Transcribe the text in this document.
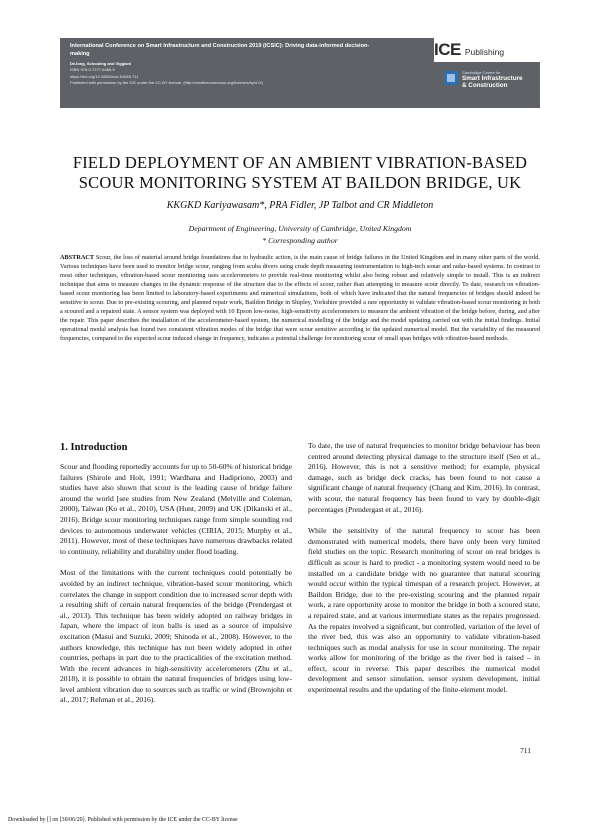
International Conference on Smart Infrastructure and Construction 2019 (ICSIC): Driving data-informed decision-making
DeJong, Schooling and Viggiani
ISBN 978-0-7277-6466-9
https://doi.org/10.1680/icsic.64669.711
Published with permission by the ICE under the CC-BY license. (http://creativecommons.org/licenses/by/4.0/)
ICE Publishing
Cambridge Centre for
Smart Infrastructure
& Construction
FIELD DEPLOYMENT OF AN AMBIENT VIBRATION-BASED SCOUR MONITORING SYSTEM AT BAILDON BRIDGE, UK
KKGKD Kariyawasam*, PRA Fidler, JP Talbot and CR Middleton
Department of Engineering, University of Cambridge, United Kingdom
* Corresponding author
ABSTRACT Scour, the loss of material around bridge foundations due to hydraulic action, is the main cause of bridge failures in the United Kingdom and in many other parts of the world. Various techniques have been used to monitor bridge scour, ranging from scuba divers using crude depth measuring instrumentation to high-tech sonar and radar-based systems. In contrast to most other techniques, vibration-based scour monitoring uses accelerometers to provide real-time monitoring whilst also being robust and relatively simple to install. This is an indirect technique that aims to measure changes in the dynamic response of the structure due to the effects of scour, rather than attempting to measure scour directly. To date, research on vibration-based scour monitoring has been limited to laboratory-based experiments and numerical simulations, both of which have indicated that the natural frequencies of bridges should indeed be sensitive to scour. Due to pre-existing scouring, and planned repair work, Baildon Bridge in Shipley, Yorkshire provided a rare opportunity to validate vibration-based scour monitoring in both a scoured and a repaired state. A sensor system was deployed with 10 Epson low-noise, high-sensitivity accelerometers to measure the ambient vibration of the bridge before, during, and after the repair. This paper describes the installation of the accelerometer-based system, the numerical modelling of the bridge and the model updating carried out with the initial findings. Initial operational modal analysis has found two consistent vibration modes of the bridge that were scour sensitive according to the updated numerical model. But the variability of the measured frequencies, compared to the expected scour induced change in frequency, indicates a potential challenge for monitoring scour of small span bridges with vibration-based methods.
1. Introduction

Scour and flooding reportedly accounts for up to 50-60% of historical bridge failures (Shirole and Holt, 1991; Wardhana and Hadipriono, 2003) and studies have also shown that scour is the leading cause of bridge failure around the world [see studies from New Zealand (Melville and Coleman, 2000), Taiwan (Ko et al., 2010), USA (Hunt, 2009) and UK (Dikanski et al., 2016). Bridge scour monitoring techniques range from simple sounding rod devices to autonomous underwater vehicles (CIRIA, 2015; Murphy et al., 2011). However, most of these techniques have numerous drawbacks related to continuity, reliability and durability under flood loading.

Most of the limitations with the current techniques could potentially be avoided by an indirect technique, vibration-based scour monitoring, which correlates the change in support condition due to increased scour depth with a resulting shift of certain natural frequencies of the bridge (Prendergast et al., 2013). This technique has been widely adopted on railway bridges in Japan, where the impact of iron balls is used as a source of impulsive excitation (Masui and Suzuki, 2009; Shinoda et al., 2008). However, to the authors knowledge, this technique has not been widely adopted in other countries, perhaps in part due to the practicalities of the excitation method. With the recent advances in high-sensitivity accelerometers (Zhu et al., 2018), it is possible to obtain the natural frequencies of bridges using low-level ambient vibration due to sources such as traffic or wind (Brownjohn et al., 2017; Rehman et al., 2016).

To date, the use of natural frequencies to monitor bridge behaviour has been centred around detecting physical damage to the structure itself (Seo et al., 2016). However, this is not a sensitive method; for example, physical damage, such as bridge deck cracks, has been found to not cause a significant change of natural frequency (Chang and Kim, 2016). In contrast, with scour, the natural frequency has been found to vary by double-digit percentages (Prendergast et al., 2016).

While the sensitivity of the natural frequency to scour has been demonstrated with numerical models, there have only been very limited field studies on the topic. Research monitoring of scour on real bridges is difficult as scour is hard to predict - a monitoring system would need to be installed on a candidate bridge with no guarantee that natural scouring would occur within the typical timespan of a research project. However, at Baildon Bridge, due to the pre-existing scouring and the planned repair work, a rare opportunity arose to monitor the bridge in both a scoured state, a repaired state, and at various intermediate states as the repairs progressed. As the repairs involved a significant, but controlled, variation of the level of the river bed, this was also an opportunity to validate vibration-based techniques such as modal analysis for use in scour monitoring. The repair works allow for monitoring of the bridge as the river bed is raised – in effect, scour in reverse. This paper describes the numerical model development and sensor simulation, sensor system development, initial experimental results and the updating of the finite-element model.

711
Downloaded by [] on [30/06/20]. Published with permission by the ICE under the CC-BY license
